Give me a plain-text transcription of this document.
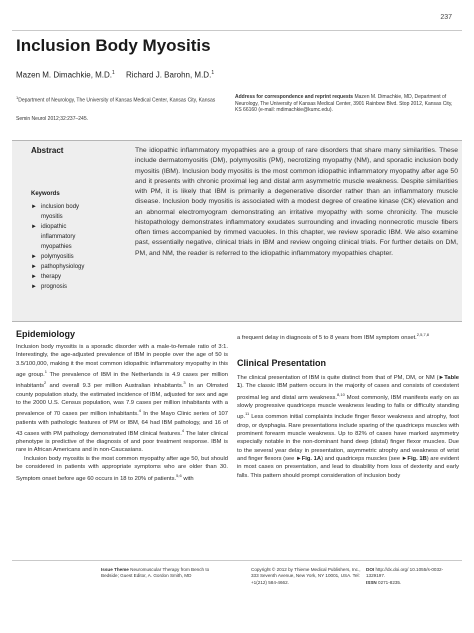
237
Inclusion Body Myositis
Mazen M. Dimachkie, M.D.$^1$ Richard J. Barohn, M.D.$^1$
$^1$Department of Neurology, The University of Kansas Medical Center, Kansas City, Kansas
Semin Neurol 2012;32:237–245.
Address for correspondence and reprint requests Mazen M. Dimachkie, MD, Department of Neurology, The University of Kansas Medical Center, 3901 Rainbow Blvd. Stop 2012, Kansas City, KS 66160 (e-mail: mdimachkie@kumc.edu).
Abstract
Keywords
► inclusion body
myositis
► idiopathic
inflammatory
myopathies
► polymyositis
► pathophysiology
► therapy
► prognosis

The idiopathic inflammatory myopathies are a group of rare disorders that share many similarities. These include dermatomyositis (DM), polymyositis (PM), necrotizing myopathy (NM), and sporadic inclusion body myositis (IBM). Inclusion body myositis is the most common idiopathic inflammatory myopathy after age 50 and it presents with chronic proximal leg and distal arm asymmetric muscle weakness. Despite similarities with PM, it is likely that IBM is primarily a degenerative disorder rather than an inflammatory muscle disease. Inclusion body myositis is associated with a modest degree of creatine kinase (CK) elevation and an abnormal electromyogram demonstrating an irritative myopathy with some chronicity. The muscle histopathology demonstrates inflammatory exudates surrounding and invading nonnecrotic muscle fibers often times accompanied by rimmed vacuoles. In this chapter, we review sporadic IBM. We also examine past, essentially negative, clinical trials in IBM and review ongoing clinical trials. For further details on DM, PM, and NM, the reader is referred to the idiopathic inflammatory myopathies chapter.

Epidemiology

Inclusion body myositis is a sporadic disorder with a male-to-female ratio of 3:1. Interestingly, the age-adjusted prevalence of IBM in people over the age of 50 is 3.5/100,000, making it the most common idiopathic inflammatory myopathy in this age group.$^1$ The prevalence of IBM in the Netherlands is 4.9 cases per million inhabitants$^2$ and overall 9.3 per million Australian inhabitants.$^3$ In an Olmsted county population study, the estimated incidence of IBM, adjusted for sex and age to the 2000 U.S. Census population, was 7.9 cases per million inhabitants with a prevalence of 70 cases per million inhabitants.$^4$ In the Mayo Clinic series of 107 patients with pathologic features of PM or IBM, 64 had IBM pathology, and 16 of 43 cases with PM pathology demonstrated IBM clinical features.$^4$ The later clinical phenotype is predictive of the diagnosis of and poor treatment response. IBM is rare in African Americans and in non-Caucasians.

Inclusion body myositis is the most common myopathy after age 50, but should be considered in patients with appropriate symptoms who are older than 30. Symptom onset before age 60 occurs in 18 to 20% of patients.$^{5,6}$ with

a frequent delay in diagnosis of 5 to 8 years from IBM symptom onset.$^{2,5,7,8}$

Clinical Presentation

The clinical presentation of IBM is quite distinct from that of PM, DM, or NM (►Table 1). The classic IBM pattern occurs in the majority of cases and consists of coexistent proximal leg and distal arm weakness.$^{8,10}$ Most commonly, IBM manifests early on as slowly progressive quadriceps muscle weakness leading to falls or difficulty standing up.$^{11}$ Less common initial complaints include finger flexor weakness and atrophy, foot drop, or dysphagia. Rare presentations include sparing of the quadriceps muscles with prominent forearm muscle weakness. Up to 82% of cases have marked asymmetry especially notable in the non-dominant hand deep (distal) finger flexor muscles. Due to the several year delay in presentation, asymmetric atrophy and weakness of wrist and finger flexors (see ►Fig. 1A) and quadriceps muscles (see ►Fig. 1B) are evident in most cases on presentation, and lead to disability from loss of dexterity and early falls. This pattern should prompt consideration of inclusion body

Issue Theme Neuromuscular Therapy from Bench to Bedside; Guest Editor, A. Gordon Smith, MD
Copyright © 2012 by Thieme Medical Publishers, Inc., 333 Seventh Avenue, New York, NY 10001, USA. Tel: +1(212) 584-4662.
DOI http://dx.doi.org/ 10.1055/s-0032-1329197.
ISSN 0271-8235.
